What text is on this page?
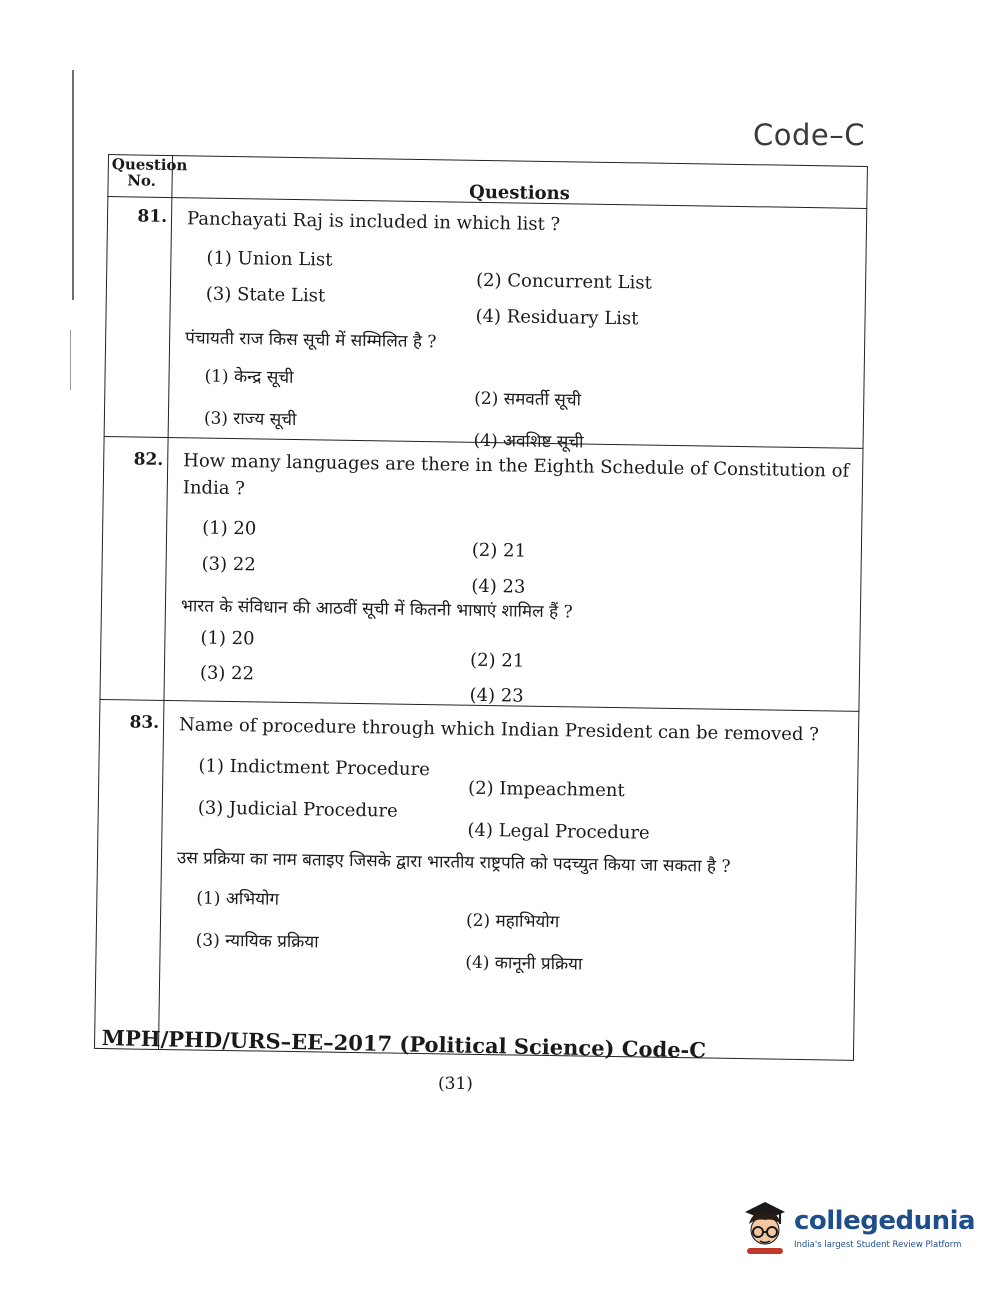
Code–C
Question No.
Questions
81. Panchayati Raj is included in which list ?
(1) Union List
(2) Concurrent List
(3) State List
(4) Residuary List
पंचायती राज किस सूची में सम्मिलित है ?
(1) केन्द्र सूची
(2) समवर्ती सूची
(3) राज्य सूची
(4) अवशिष्ट सूची
82. How many languages are there in the Eighth Schedule of Constitution of India ?
(1) 20
(2) 21
(3) 22
(4) 23
भारत के संविधान की आठवीं सूची में कितनी भाषाएं शामिल हैं ?
(1) 20
(2) 21
(3) 22
(4) 23
83. Name of procedure through which Indian President can be removed ?
(1) Indictment Procedure
(2) Impeachment
(3) Judicial Procedure
(4) Legal Procedure
उस प्रक्रिया का नाम बताइए जिसके द्वारा भारतीय राष्ट्रपति को पदच्युत किया जा सकता है ?
(1) अभियोग
(2) महाभियोग
(3) न्यायिक प्रक्रिया
(4) कानूनी प्रक्रिया
MPH/PHD/URS–EE–2017 (Political Science) Code-C
(31)
collegedunia
India's largest Student Review Platform
